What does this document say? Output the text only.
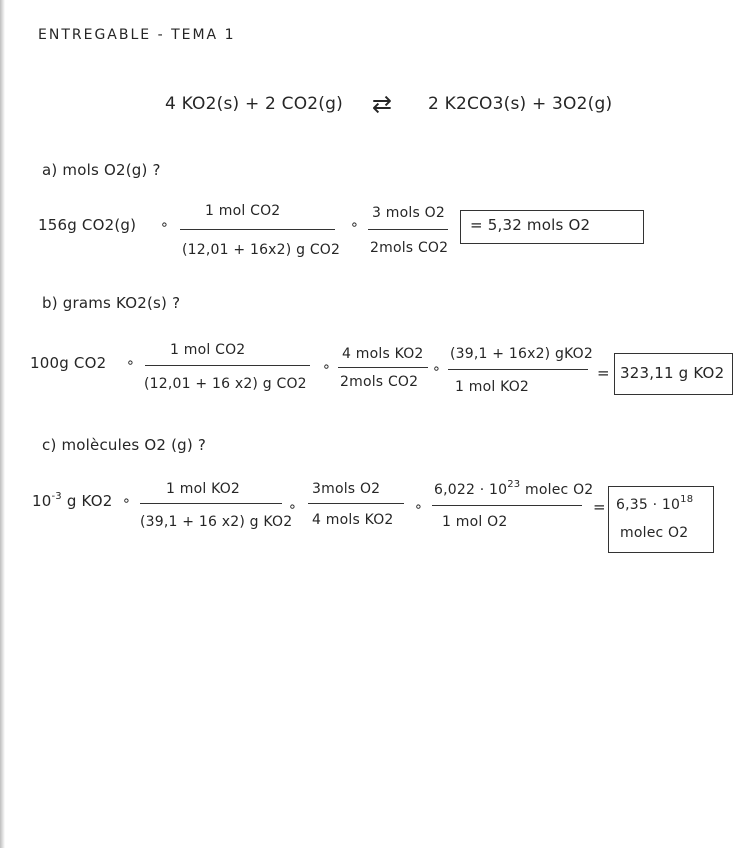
ENTREGABLE - TEMA 1
4 KO2(s) + 2 CO2(g) ⇄ 2 K2CO3(s) + 3O2(g)
a) mols O2(g) ?
156g CO2(g) ∘
1 mol CO2
(12,01 + 16x2) g CO2
∘
3 mols O2
2mols CO2
= 5,32 mols O2
b) grams KO2(s) ?
100g CO2 ∘
1 mol CO2
(12,01 + 16 x2) g CO2
∘
4 mols KO2
2mols CO2
∘
(39,1 + 16x2) gKO2
1 mol KO2
= 323,11 g KO2
c) molècules O2 (g) ?
$10^{-3}$ g KO2 ∘
1 mol KO2
(39,1 + 16 x2) g KO2
∘
3mols O2
4 mols KO2
∘
$6,022 \cdot 10^{23}$ molec O2
1 mol O2
= $6,35 \cdot 10^{18}$
molec O2
